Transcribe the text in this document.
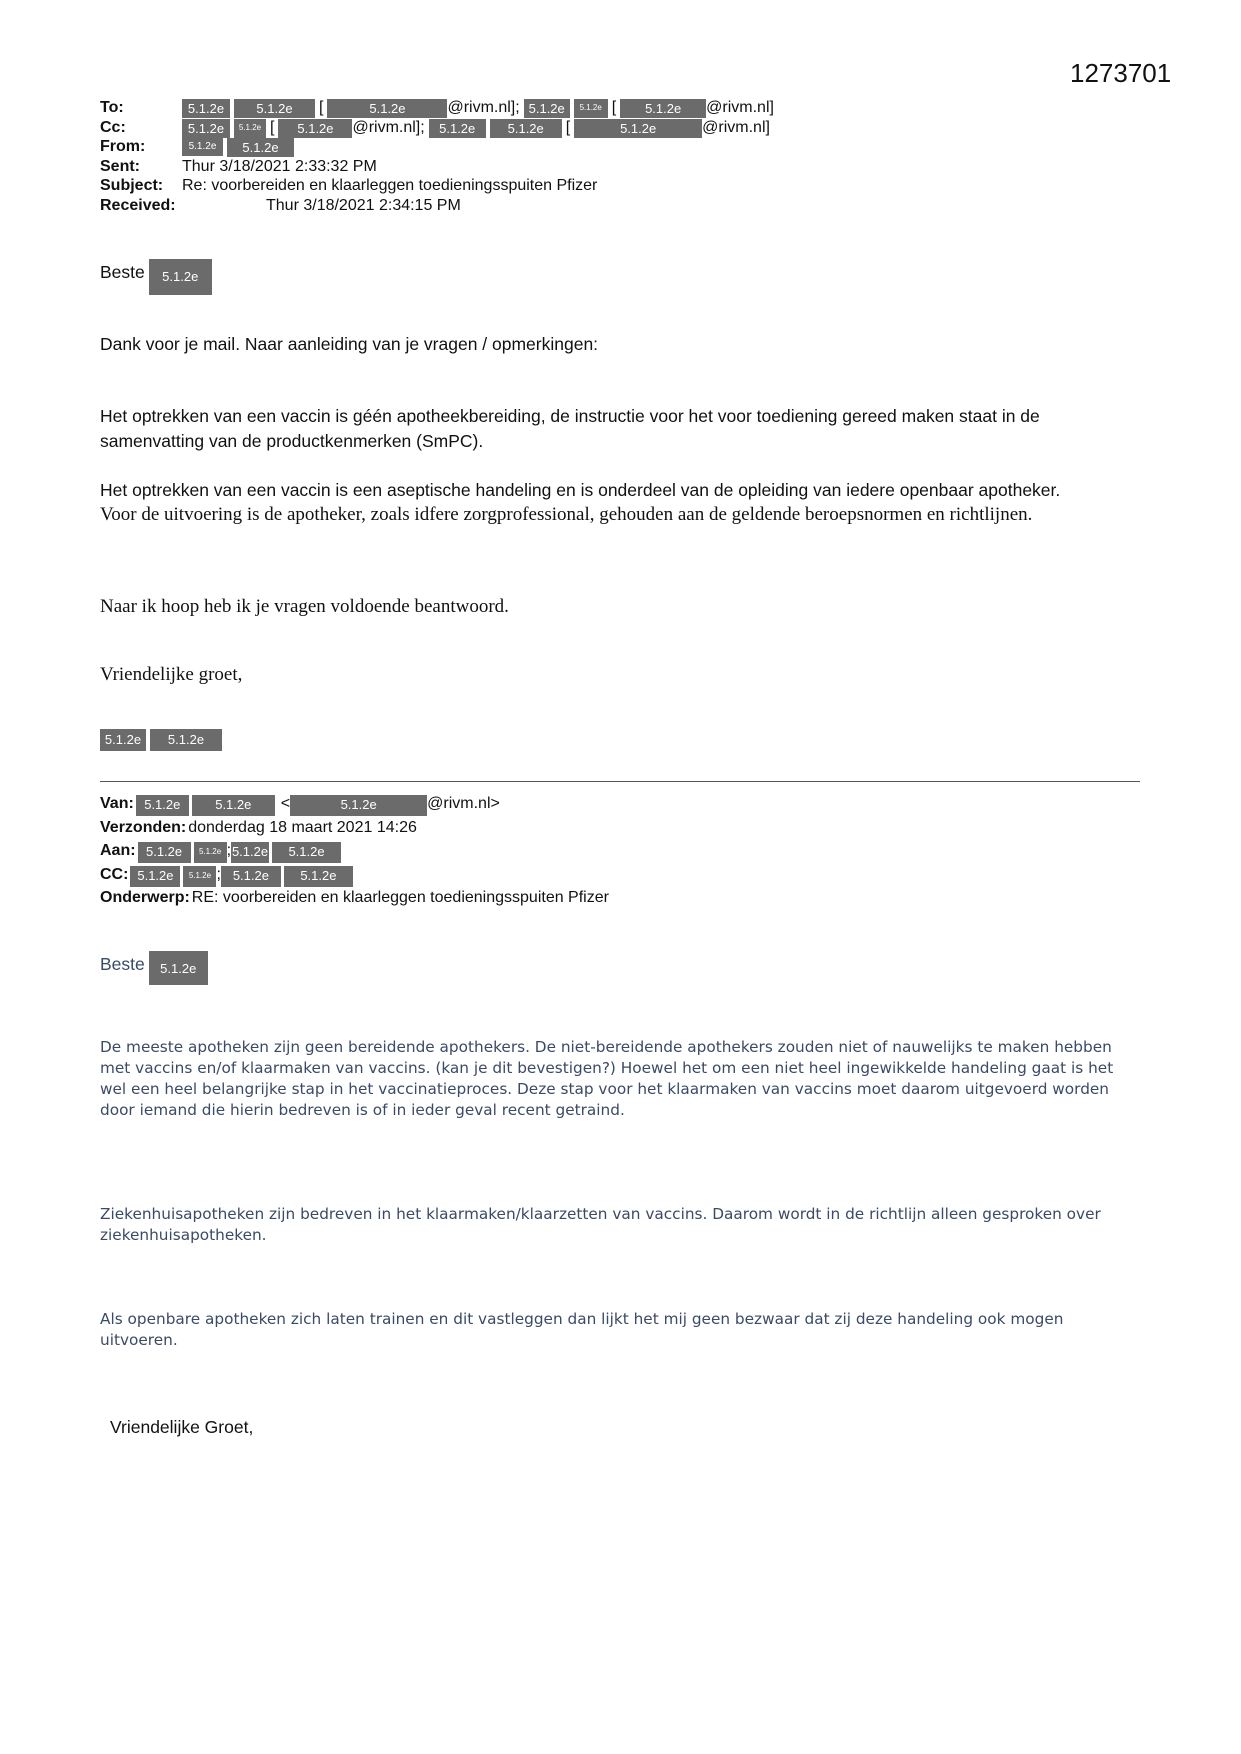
1273701
To:	5.1.2e	5.1.2e	[	5.1.2e	@rivm.nl]; 5.1.2e	5.1.2e [	5.1.2e	@rivm.nl]
Cc:	5.1.2e	5.1.2e [	5.1.2e	@rivm.nl];	5.1.2e	5.1.2e	[	5.1.2e	@rivm.nl]
From:	5.1.2e	5.1.2e
Sent:	Thur 3/18/2021 2:33:32 PM
Subject: Re: voorbereiden en klaarleggen toedieningsspuiten Pfizer
Received:	Thur 3/18/2021 2:34:15 PM
Beste	5.1.2e

Dank voor je mail. Naar aanleiding van je vragen / opmerkingen:

Het optrekken van een vaccin is géén apotheekbereiding, de instructie voor het voor toediening gereed maken staat in de samenvatting van de productkenmerken (SmPC).

Het optrekken van een vaccin is een aseptische handeling en is onderdeel van de opleiding van iedere openbaar apotheker.

Voor de uitvoering is de apotheker, zoals idfere zorgprofessional, gehouden aan de geldende beroepsnormen en richtlijnen.

Naar ik hoop heb ik je vragen voldoende beantwoord.

Vriendelijke groet,

5.1.2e	5.1.2e
Van: 5.1.2e	5.1.2e	<	5.1.2e	@rivm.nl>
Verzonden: donderdag 18 maart 2021 14:26
Aan: 5.1.2e	5.1.2e ; 5.1.2e	5.1.2e
CC: 5.1.2e	5.1.2e ; 5.1.2e	5.1.2e
Onderwerp: RE: voorbereiden en klaarleggen toedieningsspuiten Pfizer
Beste	5.1.2e

De meeste apotheken zijn geen bereidende apothekers. De niet-bereidende apothekers zouden niet of nauwelijks te maken hebben met vaccins en/of klaarmaken van vaccins. (kan je dit bevestigen?) Hoewel het om een niet heel ingewikkelde handeling gaat is het wel een heel belangrijke stap in het vaccinatieproces. Deze stap voor het klaarmaken van vaccins moet daarom uitgevoerd worden door iemand die hierin bedreven is of in ieder geval recent getraind.

Ziekenhuisapotheken zijn bedreven in het klaarmaken/klaarzetten van vaccins. Daarom wordt in de richtlijn alleen gesproken over ziekenhuisapotheken.

Als openbare apotheken zich laten trainen en dit vastleggen dan lijkt het mij geen bezwaar dat zij deze handeling ook mogen uitvoeren.

Vriendelijke Groet,
